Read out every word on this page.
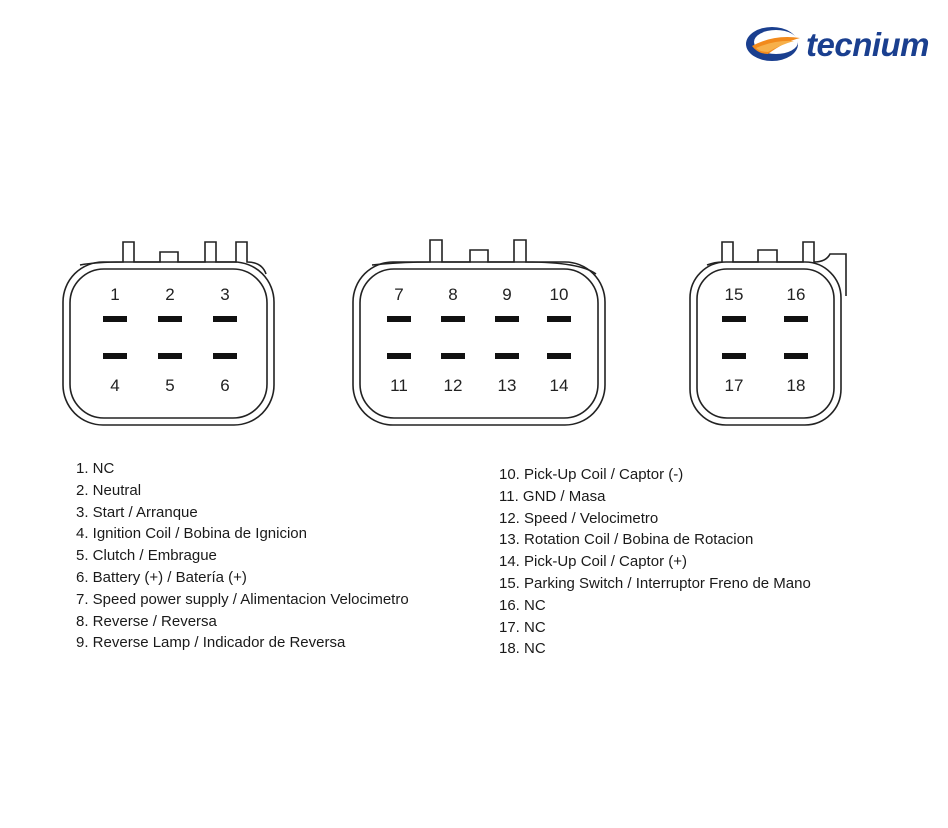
tecnium
1	2	3
4	5	6
7	8	9 10
11 12 13 14
15	16
17	18
1. NC
2. Neutral
3. Start / Arranque
4. Ignition Coil / Bobina de Ignicion
5. Clutch / Embrague
6. Battery (+) / Batería (+)
7. Speed power supply / Alimentacion Velocimetro
8. Reverse / Reversa
9. Reverse Lamp / Indicador de Reversa
10. Pick-Up Coil / Captor (-)
11. GND / Masa
12. Speed / Velocimetro
13. Rotation Coil / Bobina de Rotacion
14. Pick-Up Coil / Captor (+)
15. Parking Switch / Interruptor Freno de Mano
16. NC
17. NC
18. NC
